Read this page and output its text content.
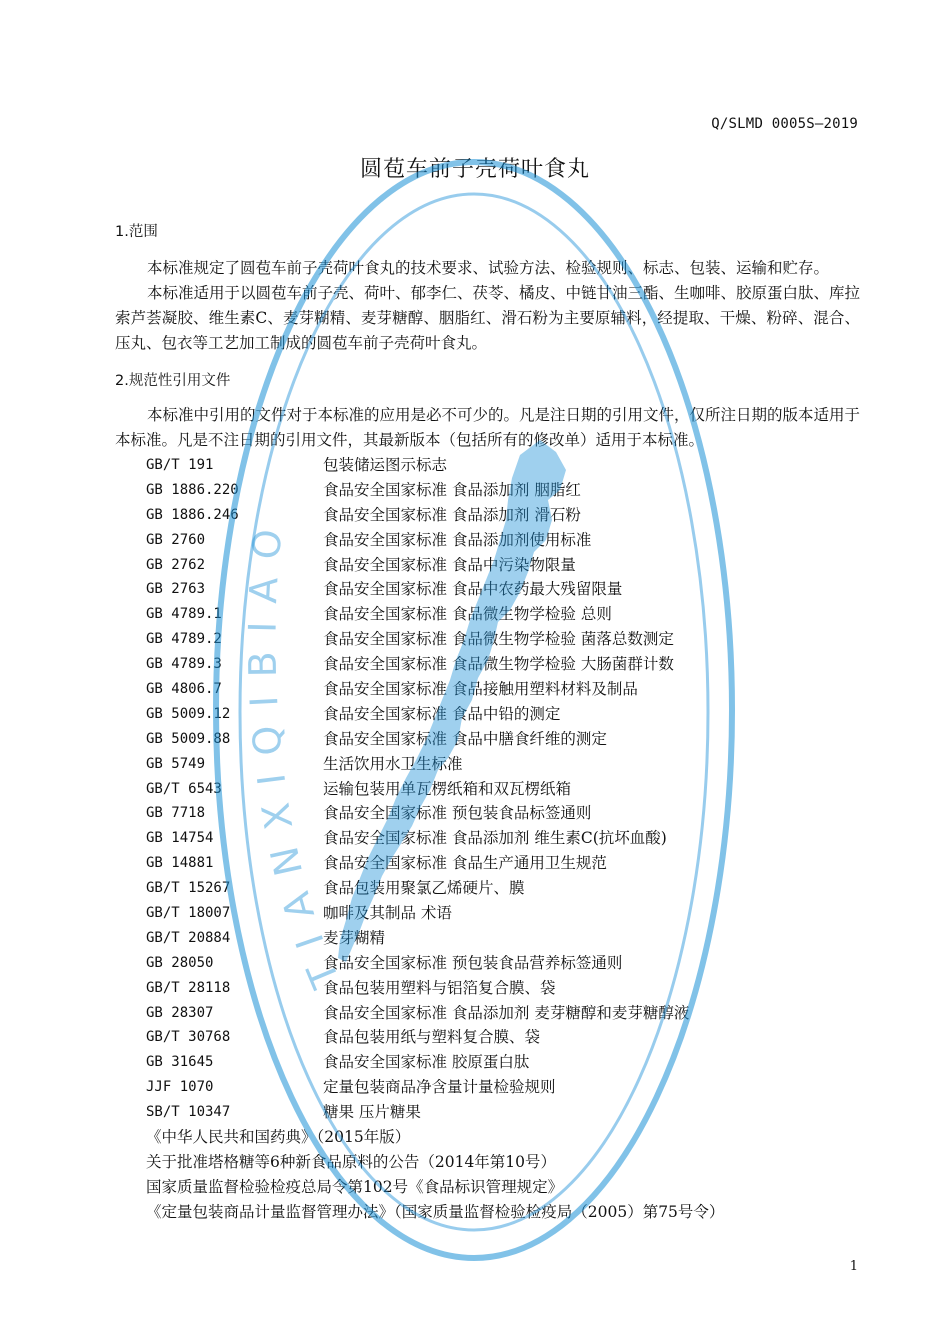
Q/SLMD 0005S—2019
圆苞车前子壳荷叶食丸
1.范围

本标准规定了圆苞车前子壳荷叶食丸的技术要求、试验方法、检验规则、标志、包装、运输和贮存。

本标准适用于以圆苞车前子壳、荷叶、郁李仁、茯苓、橘皮、中链甘油三酯、生咖啡、胶原蛋白肽、库拉索芦荟凝胶、维生素C、麦芽糊精、麦芽糖醇、胭脂红、滑石粉为主要原辅料，经提取、干燥、粉碎、混合、压丸、包衣等工艺加工制成的圆苞车前子壳荷叶食丸。

2.规范性引用文件

本标准中引用的文件对于本标准的应用是必不可少的。凡是注日期的引用文件，仅所注日期的版本适用于本标准。凡是不注日期的引用文件，其最新版本（包括所有的修改单）适用于本标准。

GB/T 191	包装储运图示标志
GB 1886.220	食品安全国家标准 食品添加剂 胭脂红
GB 1886.246	食品安全国家标准 食品添加剂 滑石粉
GB 2760	食品安全国家标准 食品添加剂使用标准
GB 2762	食品安全国家标准 食品中污染物限量
GB 2763	食品安全国家标准 食品中农药最大残留限量
GB 4789.1	食品安全国家标准 食品微生物学检验 总则
GB 4789.2	食品安全国家标准 食品微生物学检验 菌落总数测定
GB 4789.3	食品安全国家标准 食品微生物学检验 大肠菌群计数
GB 4806.7	食品安全国家标准 食品接触用塑料材料及制品
GB 5009.12	食品安全国家标准 食品中铅的测定
GB 5009.88	食品安全国家标准 食品中膳食纤维的测定
GB 5749	生活饮用水卫生标准
GB/T 6543	运输包装用单瓦楞纸箱和双瓦楞纸箱
GB 7718	食品安全国家标准 预包装食品标签通则
GB 14754	食品安全国家标准 食品添加剂 维生素C(抗坏血酸)
GB 14881	食品安全国家标准 食品生产通用卫生规范
GB/T 15267	食品包装用聚氯乙烯硬片、膜
GB/T 18007	咖啡及其制品 术语
GB/T 20884	麦芽糊精
GB 28050	食品安全国家标准 预包装食品营养标签通则
GB/T 28118	食品包装用塑料与铝箔复合膜、袋
GB 28307	食品安全国家标准 食品添加剂 麦芽糖醇和麦芽糖醇液
GB/T 30768	食品包装用纸与塑料复合膜、袋
GB 31645	食品安全国家标准 胶原蛋白肽
JJF 1070	定量包装商品净含量计量检验规则
SB/T 10347	糖果 压片糖果
《中华人民共和国药典》（2015年版）
关于批准塔格糖等6种新食品原料的公告（2014年第10号）
国家质量监督检验检疫总局令第102号《食品标识管理规定》
《定量包装商品计量监督管理办法》（国家质量监督检验检疫局（2005）第75号令）
1
TIANXIQIBIAO
